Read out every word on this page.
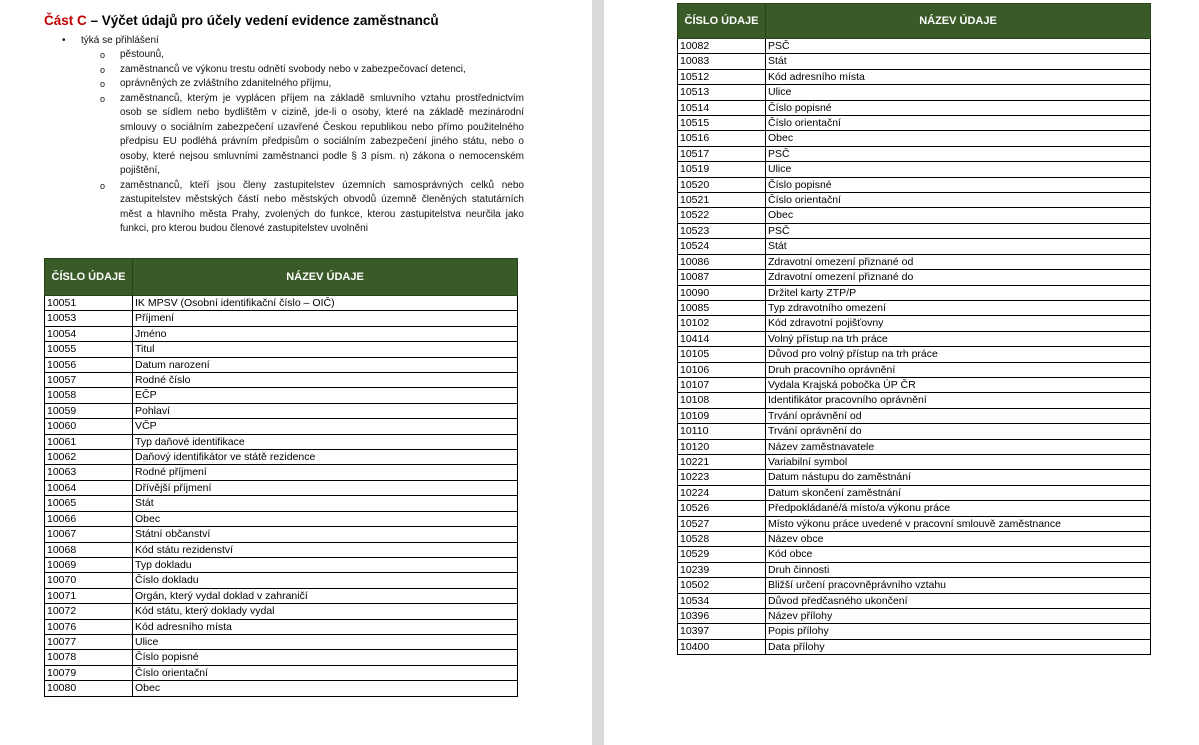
Část C – Výčet údajů pro účely vedení evidence zaměstnanců
• týká se přihlášení
o pěstounů,
o zaměstnanců ve výkonu trestu odnětí svobody nebo v zabezpečovací detenci,
o oprávněných ze zvláštního zdanitelného příjmu,
o zaměstnanců, kterým je vyplácen příjem na základě smluvního vztahu prostřednictvím osob se sídlem nebo bydlištěm v cizině, jde-li o osoby, které na základě mezinárodní smlouvy o sociálním zabezpečení uzavřené Českou republikou nebo přímo použitelného předpisu EU podléhá právním předpisům o sociálním zabezpečení jiného státu, nebo o osoby, které nejsou smluvními zaměstnanci podle § 3 písm. n) zákona o nemocenském pojištění,
o zaměstnanců, kteří jsou členy zastupitelstev územních samosprávných celků nebo zastupitelstev městských částí nebo městských obvodů územně členěných statutárních měst a hlavního města Prahy, zvolených do funkce, kterou zastupitelstva neurčila jako funkci, pro kterou budou členové zastupitelstev uvolněni
ČÍSLO ÚDAJE	NÁZEV ÚDAJE
10051	IK MPSV (Osobní identifikační číslo – OIČ)
10053	Příjmení
10054	Jméno
10055	Titul
10056	Datum narození
10057	Rodné číslo
10058	EČP
10059	Pohlaví
10060	VČP
10061	Typ daňové identifikace
10062	Daňový identifikátor ve státě rezidence
10063	Rodné příjmení
10064	Dřívější příjmení
10065	Stát
10066	Obec
10067	Státní občanství
10068	Kód státu rezidenství
10069	Typ dokladu
10070	Číslo dokladu
10071	Orgán, který vydal doklad v zahraničí
10072	Kód státu, který doklady vydal
10076	Kód adresního místa
10077	Ulice
10078	Číslo popisné
10079	Číslo orientační
10080	Obec
ČÍSLO ÚDAJE	NÁZEV ÚDAJE
10082	PSČ
10083	Stát
10512	Kód adresního místa
10513	Ulice
10514	Číslo popisné
10515	Číslo orientační
10516	Obec
10517	PSČ
10519	Ulice
10520	Číslo popisné
10521	Číslo orientační
10522	Obec
10523	PSČ
10524	Stát
10086	Zdravotní omezení přiznané od
10087	Zdravotní omezení přiznané do
10090	Držitel karty ZTP/P
10085	Typ zdravotního omezení
10102	Kód zdravotní pojišťovny
10414	Volný přístup na trh práce
10105	Důvod pro volný přístup na trh práce
10106	Druh pracovního oprávnění
10107	Vydala Krajská pobočka ÚP ČR
10108	Identifikátor pracovního oprávnění
10109	Trvání oprávnění od
10110	Trvání oprávnění do
10120	Název zaměstnavatele
10221	Variabilní symbol
10223	Datum nástupu do zaměstnání
10224	Datum skončení zaměstnání
10526	Předpokládané/á místo/a výkonu práce
10527	Místo výkonu práce uvedené v pracovní smlouvě zaměstnance
10528	Název obce
10529	Kód obce
10239	Druh činnosti
10502	Bližší určení pracovněprávního vztahu
10534	Důvod předčasného ukončení
10396	Název přílohy
10397	Popis přílohy
10400	Data přílohy
